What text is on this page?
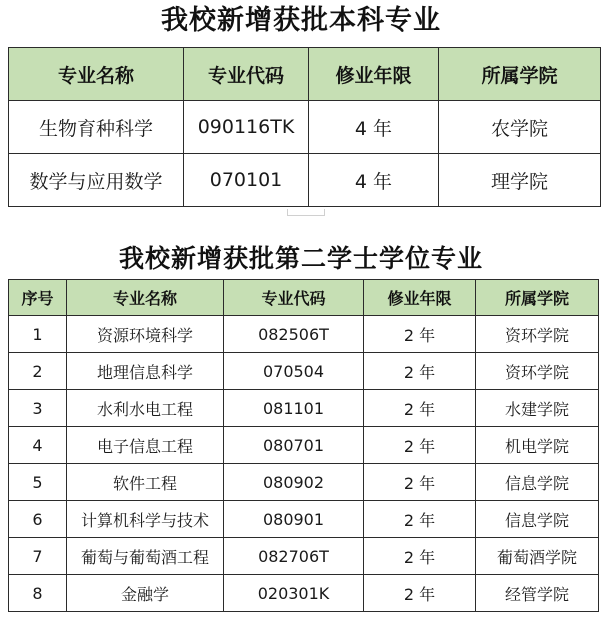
我校新增获批本科专业
专业名称	专业代码	修业年限	所属学院
生物育种科学	090116TK	4 年	农学院
数学与应用数学	070101	4 年	理学院
我校新增获批第二学士学位专业
序号	专业名称	专业代码	修业年限	所属学院
1	资源环境科学	082506T	2 年	资环学院
2	地理信息科学	070504	2 年	资环学院
3	水利水电工程	081101	2 年	水建学院
4	电子信息工程	080701	2 年	机电学院
5	软件工程	080902	2 年	信息学院
6	计算机科学与技术	080901	2 年	信息学院
7	葡萄与葡萄酒工程	082706T	2 年	葡萄酒学院
8	金融学	020301K	2 年	经管学院
